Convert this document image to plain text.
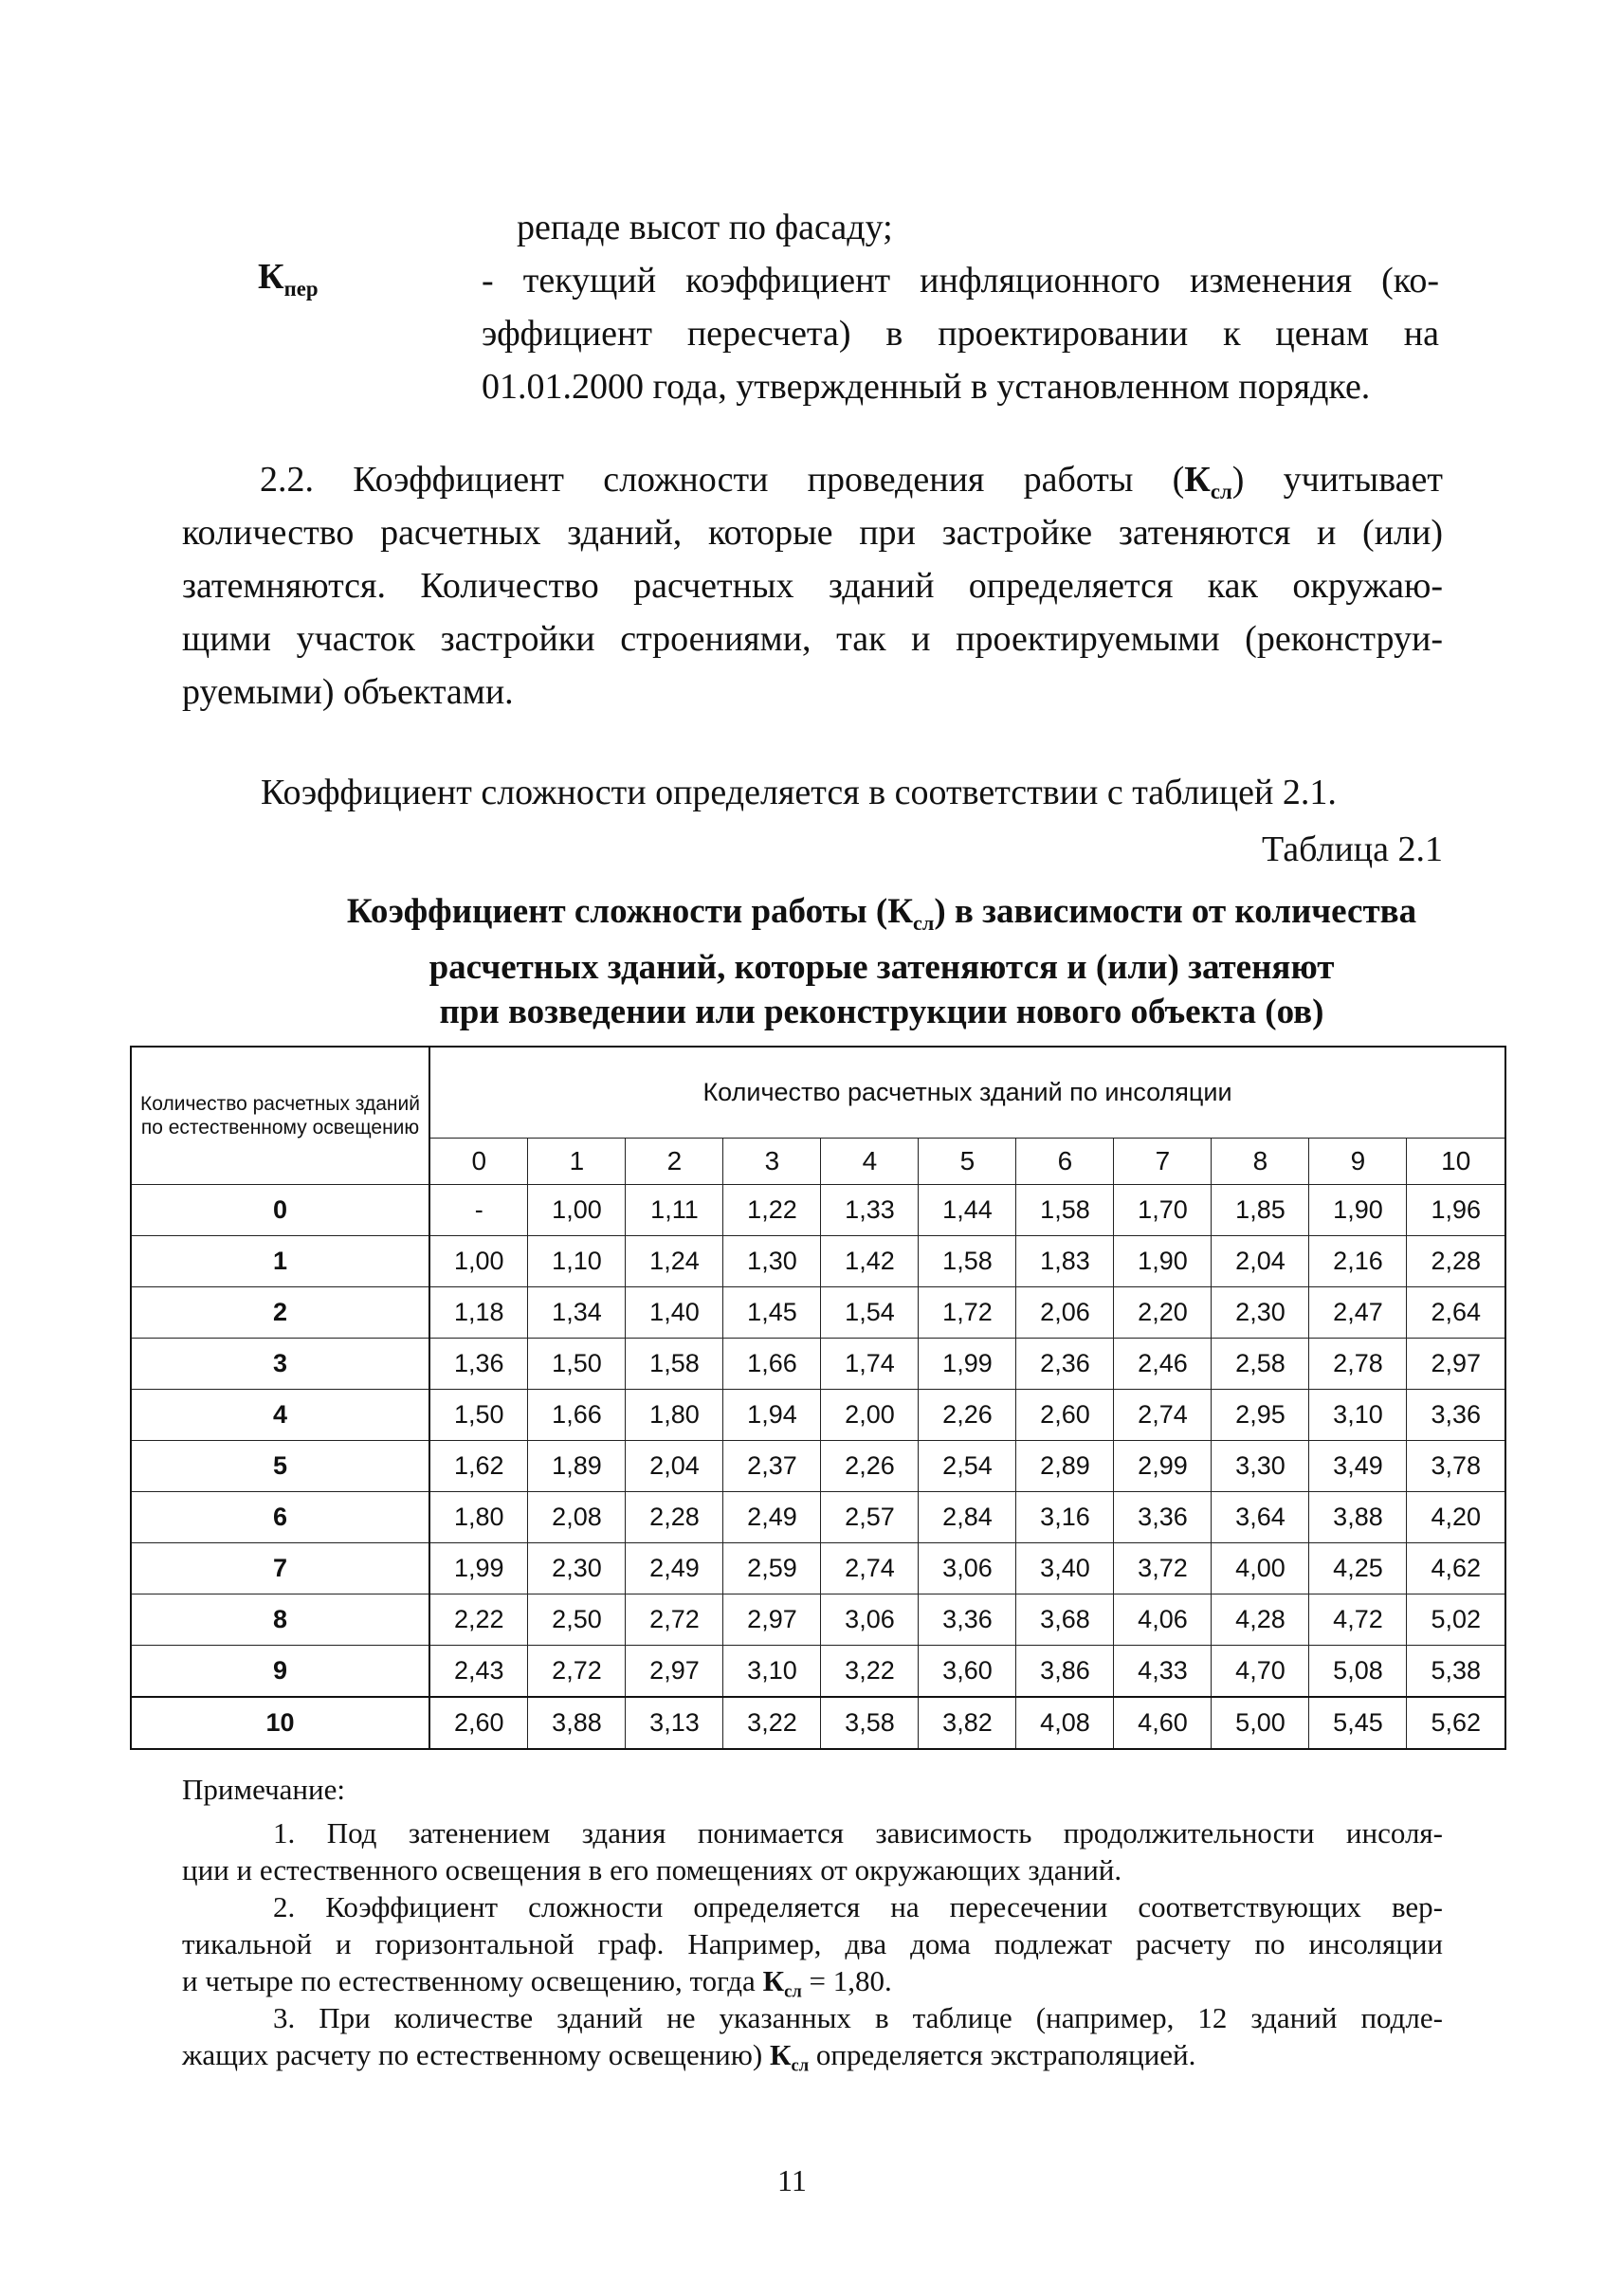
репаде высот по фасаду;
$К_{пер}$	- текущий коэффициент инфляционного изменения (ко-
эффициент пересчета) в проектировании к ценам на
01.01.2000 года, утвержденный в установленном порядке.
2.2. Коэффициент сложности проведения работы $(К_{сл})$ учитывает
количество расчетных зданий, которые при застройке затеняются и (или)
затемняются. Количество расчетных зданий определяется как окружаю-
щими участок застройки строениями, так и проектируемыми (реконструи-
руемыми) объектами.
Коэффициент сложности определяется в соответствии с таблицей 2.1.
Таблица 2.1
Коэффициент сложности работы $(К_{сл})$ в зависимости от количества
расчетных зданий, которые затеняются и (или) затеняют
при возведении или реконструкции нового объекта (ов)
Количество расчетных зданий по естественному освещению	Количество расчетных зданий по инсоляции										
	0	1	2	3	4	5	6	7	8	9	10
0	-	1,00	1,11	1,22	1,33	1,44	1,58	1,70	1,85	1,90	1,96
1	1,00	1,10	1,24	1,30	1,42	1,58	1,83	1,90	2,04	2,16	2,28
2	1,18	1,34	1,40	1,45	1,54	1,72	2,06	2,20	2,30	2,47	2,64
3	1,36	1,50	1,58	1,66	1,74	1,99	2,36	2,46	2,58	2,78	2,97
4	1,50	1,66	1,80	1,94	2,00	2,26	2,60	2,74	2,95	3,10	3,36
5	1,62	1,89	2,04	2,37	2,26	2,54	2,89	2,99	3,30	3,49	3,78
6	1,80	2,08	2,28	2,49	2,57	2,84	3,16	3,36	3,64	3,88	4,20
7	1,99	2,30	2,49	2,59	2,74	3,06	3,40	3,72	4,00	4,25	4,62
8	2,22	2,50	2,72	2,97	3,06	3,36	3,68	4,06	4,28	4,72	5,02
9	2,43	2,72	2,97	3,10	3,22	3,60	3,86	4,33	4,70	5,08	5,38
10	2,60	3,88	3,13	3,22	3,58	3,82	4,08	4,60	5,00	5,45	5,62
Примечание:
1. Под затенением здания понимается зависимость продолжительности инсоля-
ции и естественного освещения в его помещениях от окружающих зданий.
2. Коэффициент сложности определяется на пересечении соответствующих вер-
тикальной и горизонтальной граф. Например, два дома подлежат расчету по инсоляции
и четыре по естественному освещению, тогда $К_{сл} = 1,80$.
3. При количестве зданий не указанных в таблице (например, 12 зданий подле-
жащих расчету по естественному освещению) $К_{сл}$ определяется экстраполяцией.
11
